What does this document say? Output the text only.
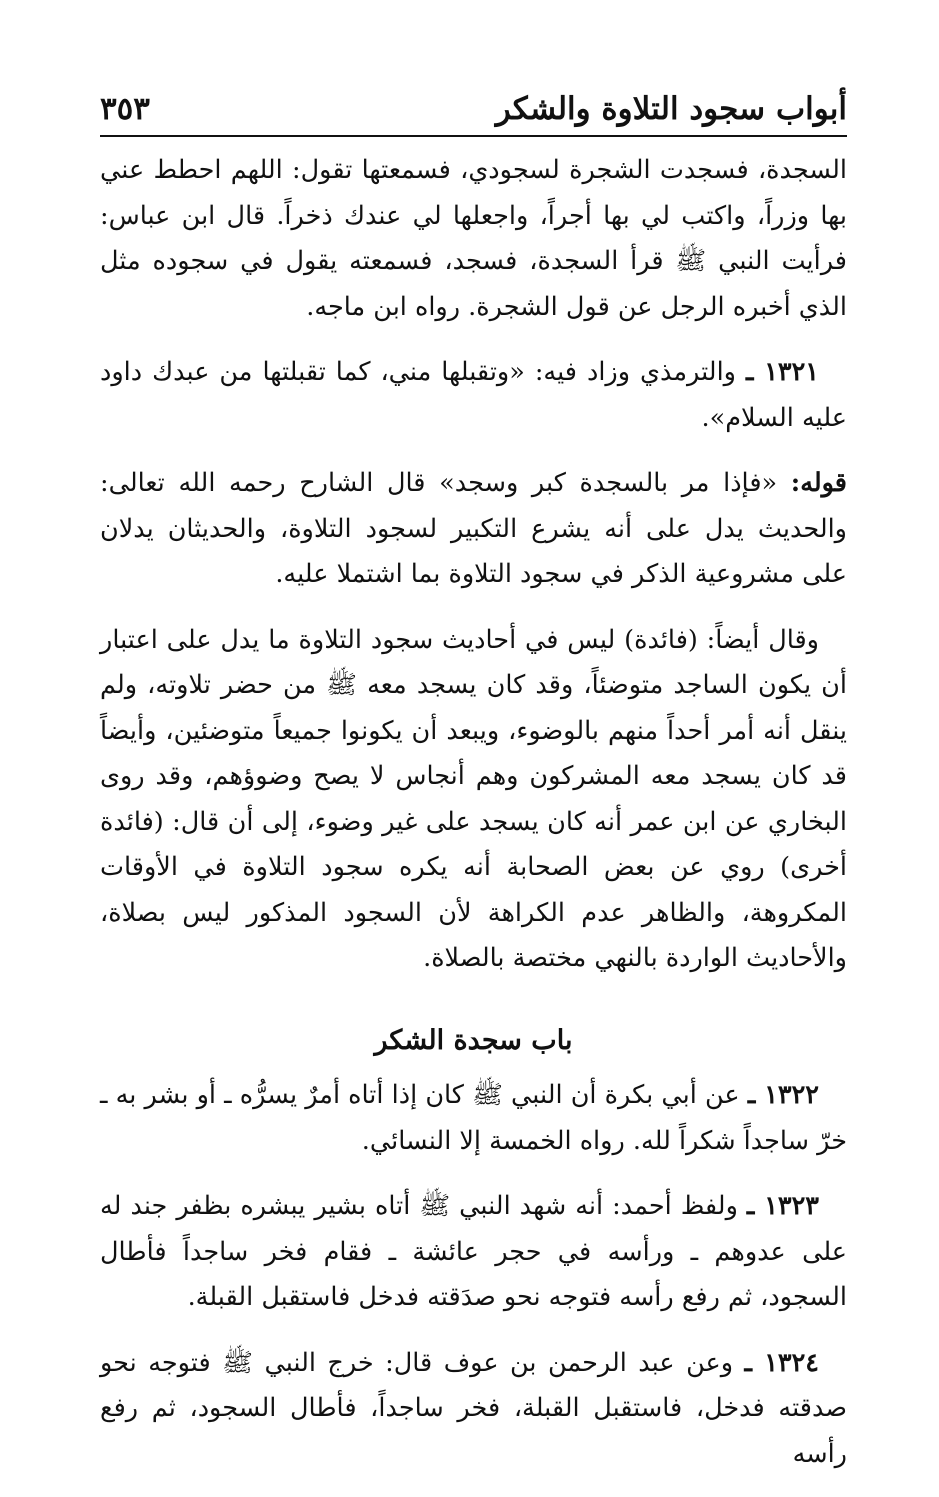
أبواب سجود التلاوة والشكر
٣٥٣

السجدة، فسجدت الشجرة لسجودي، فسمعتها تقول: اللهم احطط عني بها وزراً، واكتب لي بها أجراً، واجعلها لي عندك ذخراً. قال ابن عباس: فرأيت النبي ﷺ قرأ السجدة، فسجد، فسمعته يقول في سجوده مثل الذي أخبره الرجل عن قول الشجرة. رواه ابن ماجه.

١٣٢١ ـ والترمذي وزاد فيه: «وتقبلها مني، كما تقبلتها من عبدك داود عليه السلام».

قوله: «فإذا مر بالسجدة كبر وسجد» قال الشارح رحمه الله تعالى: والحديث يدل على أنه يشرع التكبير لسجود التلاوة، والحديثان يدلان على مشروعية الذكر في سجود التلاوة بما اشتملا عليه.

وقال أيضاً: (فائدة) ليس في أحاديث سجود التلاوة ما يدل على اعتبار أن يكون الساجد متوضئاً، وقد كان يسجد معه ﷺ من حضر تلاوته، ولم ينقل أنه أمر أحداً منهم بالوضوء، ويبعد أن يكونوا جميعاً متوضئين، وأيضاً قد كان يسجد معه المشركون وهم أنجاس لا يصح وضوؤهم، وقد روى البخاري عن ابن عمر أنه كان يسجد على غير وضوء، إلى أن قال: (فائدة أخرى) روي عن بعض الصحابة أنه يكره سجود التلاوة في الأوقات المكروهة، والظاهر عدم الكراهة لأن السجود المذكور ليس بصلاة، والأحاديث الواردة بالنهي مختصة بالصلاة.

باب سجدة الشكر

١٣٢٢ ـ عن أبي بكرة أن النبي ﷺ كان إذا أتاه أمرٌ يسرُّه ـ أو بشر به ـ خرّ ساجداً شكراً لله. رواه الخمسة إلا النسائي.

١٣٢٣ ـ ولفظ أحمد: أنه شهد النبي ﷺ أتاه بشير يبشره بظفر جند له على عدوهم ـ ورأسه في حجر عائشة ـ فقام فخر ساجداً فأطال السجود، ثم رفع رأسه فتوجه نحو صدَقته فدخل فاستقبل القبلة.

١٣٢٤ ـ وعن عبد الرحمن بن عوف قال: خرج النبي ﷺ فتوجه نحو صدقته فدخل، فاستقبل القبلة، فخر ساجداً، فأطال السجود، ثم رفع رأسه
